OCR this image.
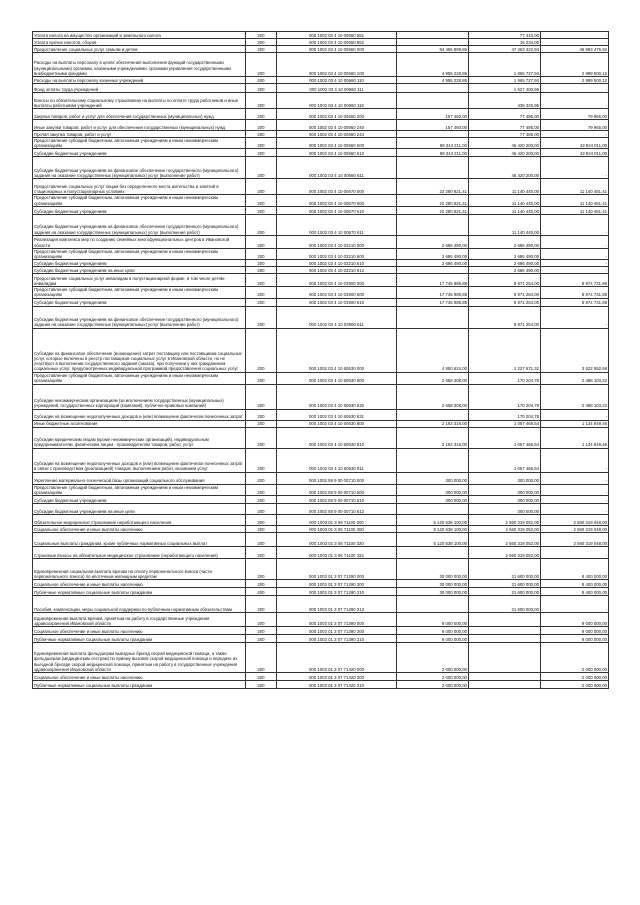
Уплата налога на имущество организаций и земельного налога	200	000 1002 03 4 10 00650 851		77 443,00	-
Уплата прочих налогов, сборов	200	000 1002 03 4 10 00650 852		15 234,00	-
Предоставление социальных услуг семьям и детям	200	000 1002 03 4 10 00660 000	94 456 899,86	47 463 422,94	46 993 476,92
Расходы на выплаты персоналу в целях обеспечения выполнения функций государственными (муниципальными) органами, казенными учреждениями, органами управления государственными внебюджетными фондами	200	000 1002 03 4 10 00660 100	4 955 228,86	1 965 727,94	2 989 500,12
Расходы на выплаты персоналу казенных учреждений	200	000 1002 03 4 10 00660 110	4 955 228,86	1 965 727,94	2 989 500,12
Фонд оплаты труда учреждений	200	000 1002 03 4 10 00660 111		1 527 400,99	-
Взносы по обязательному социальному страхованию на выплаты по оплате труда работников и иные выплаты работникам учреждений	200	000 1002 03 4 10 00660 119		438 326,95	-
Закупка товаров, работ и услуг для обеспечения государственных (муниципальных) нужд	200	000 1002 03 4 10 00660 200	157 460,00	77 495,00	79 965,00
Иные закупки товаров, работ и услуг для обеспечения государственных (муниципальных) нужд	200	000 1002 03 4 10 00660 240	157 460,00	77 495,00	79 965,00
Прочая закупка товаров, работ и услуг	200	000 1002 03 4 10 00660 244		77 495,00	-
Предоставление субсидий бюджетным, автономным учреждениям и иным некоммерческим организациям	200	000 1002 03 4 10 00660 600	89 344 211,00	45 420 200,00	43 924 011,00
Субсидии бюджетным учреждениям	200	000 1002 03 4 10 00660 610	89 344 211,00	45 420 200,00	43 924 011,00
Субсидии бюджетным учреждениям на финансовое обеспечение государственного (муниципального) задания на оказание государственных (муниципальных) услуг (выполнение работ)	200	000 1002 03 4 10 00660 611		45 420 200,00	-
Предоставление социальных услуг лицам без определенного места жительства и занятий в стационарных и полустационарных условиях	200	000 1002 03 4 10 00670 000	22 280 921,41	11 140 440,00	11 140 481,41
Предоставление субсидий бюджетным, автономным учреждениям и иным некоммерческим организациям	200	000 1002 03 4 10 00670 600	22 280 921,41	11 140 440,00	11 140 481,41
Субсидии бюджетным учреждениям	200	000 1002 03 4 10 00670 610	22 280 921,41	11 140 440,00	11 140 481,41
Субсидии бюджетным учреждениям на финансовое обеспечение государственного (муниципального) задания на оказание государственных (муниципальных) услуг (выполнение работ)	200	000 1002 03 4 10 00670 611		11 140 440,00	-
Реализация комплекса мер по созданию семейных многофункциональных центров в Ивановской области	200	000 1002 03 4 10 03210 000	2 686 490,00	2 686 490,00	-
Предоставление субсидий бюджетным, автономным учреждениям и иным некоммерческим организациям	200	000 1002 03 4 10 03210 600	2 686 490,00	2 686 490,00	-
Субсидии бюджетным учреждениям	200	000 1002 03 4 10 03210 610	2 686 490,00	2 686 490,00	-
Субсидии бюджетным учреждениям на иные цели	200	000 1002 03 4 10 03210 612		2 686 490,00	-
Предоставление социальных услуг инвалидам в полустационарной форме, в том числе детям-инвалидам	200	000 1002 03 4 10 03900 000	17 745 985,88	8 871 254,00	8 874 731,88
Предоставление субсидий бюджетным, автономным учреждениям и иным некоммерческим организациям	200	000 1002 03 4 10 03900 600	17 745 985,88	8 871 254,00	8 874 731,88
Субсидии бюджетным учреждениям	200	000 1002 03 4 10 03900 610	17 745 985,88	8 871 254,00	8 874 731,88
Субсидии бюджетным учреждениям на финансовое обеспечение государственного (муниципального) задания на оказание государственных (муниципальных) услуг (выполнение работ)	200	000 1002 03 4 10 03900 611		8 871 254,00	-
Субсидии на финансовое обеспечение (возмещение) затрат поставщику или поставщикам социальных услуг, которые включены в реестр поставщиков социальных услуг в Ивановской области, но не участвуют в выполнении государственного задания (заказа), при получении у них гражданином социальных услуг, предусмотренных индивидуальной программой предоставления социальных услуг	200	000 1002 03 4 10 60630 000	4 850 624,00	1 227 671,32	3 622 952,68
Предоставление субсидий бюджетным, автономным учреждениям и иным некоммерческим организациям	200	000 1002 03 4 10 60630 600	2 658 308,00	170 204,78	2 488 103,22
Субсидии некоммерческим организациям (за исключением государственных (муниципальных) учреждений, государственных корпораций (компаний), публично-правовых компаний)	200	000 1002 03 4 10 60630 630	2 658 308,00	170 204,78	2 488 103,22
Субсидии на возмещение недополученных доходов и (или) возмещение фактически понесенных затрат	200	000 1002 03 4 10 60630 631		170 204,78	-
Иные бюджетные ассигнования	200	000 1002 03 4 10 60630 800	2 192 316,00	1 057 466,54	1 134 849,46
Субсидии юридическим лицам (кроме некоммерческих организаций), индивидуальным предпринимателям, физическим лицам - производителям товаров, работ, услуг	200	000 1002 03 4 10 60630 810	2 192 316,00	1 057 466,54	1 134 849,46
Субсидии на возмещение недополученных доходов и (или) возмещение фактически понесенных затрат в связи с производством (реализацией) товаров, выполнением работ, оказанием услуг	200	000 1002 03 4 10 60630 811		1 057 466,54	-
Укрепление материально-технической базы организаций социального обслуживания	200	000 1002 59 9 00 00710 000	300 000,00	300 000,00	-
Предоставление субсидий бюджетным, автономным учреждениям и иным некоммерческим организациям	200	000 1002 59 9 00 00710 600	300 000,00	300 000,00	-
Субсидии бюджетным учреждениям	200	000 1002 59 9 00 00710 610	300 000,00	300 000,00	-
Субсидии бюджетным учреждениям на иные цели	200	000 1002 59 9 00 00710 612		300 000,00	-
Обязательное медицинское страхование неработающего населения	200	000 1003 01 3 06 71100 000	5 120 638 100,00	2 560 319 052,00	2 560 319 048,00
Социальное обеспечение и иные выплаты населению	200	000 1003 01 3 06 71100 300	5 120 638 100,00	2 560 319 052,00	2 560 319 048,00
Социальные выплаты гражданам, кроме публичных нормативных социальных выплат	200	000 1003 01 3 06 71100 320	5 120 638 100,00	2 560 319 052,00	2 560 319 048,00
Страховые взносы на обязательное медицинское страхование (неработающего населения)	200	000 1003 01 3 06 71100 324		2 560 319 052,00	-
Единовременная социальная выплата врачам на оплату первоначального взноса (части первоначального взноса) по ипотечным жилищным кредитам	200	000 1003 01 3 07 71290 000	30 000 000,00	21 600 000,00	8 400 000,00
Социальное обеспечение и иные выплаты населению	200	000 1003 01 3 07 71290 300	30 000 000,00	21 600 000,00	8 400 000,00
Публичные нормативные социальные выплаты гражданам	200	000 1003 01 3 07 71290 310	30 000 000,00	21 600 000,00	8 400 000,00
Пособия, компенсации, меры социальной поддержки по публичным нормативным обязательствам	200	000 1003 01 3 07 71290 313		21 600 000,00	-
Единовременная выплата врачам, принятым на работу в государственные учреждения здравоохранения Ивановской области	200	000 1003 01 3 07 71390 000	9 000 000,00		9 000 000,00
Социальное обеспечение и иные выплаты населению	200	000 1003 01 3 07 71390 300	9 000 000,00		9 000 000,00
Публичные нормативные социальные выплаты гражданам	200	000 1003 01 3 07 71390 310	9 000 000,00		9 000 000,00
Единовременная выплата фельдшерам выездных бригад скорой медицинской помощи, а также фельдшерам (медицинским сестрам) по приему вызовов скорой медицинской помощи и передаче их выездной бригаде скорой медицинской помощи, принятым на работу в государственные учреждения здравоохранения Ивановской области	200	000 1003 01 3 07 71420 000	2 000 000,00		2 000 000,00
Социальное обеспечение и иные выплаты населению	200	000 1003 01 3 07 71420 300	2 000 000,00		2 000 000,00
Публичные нормативные социальные выплаты гражданам	200	000 1003 01 3 07 71420 310	2 000 000,00		2 000 000,00
